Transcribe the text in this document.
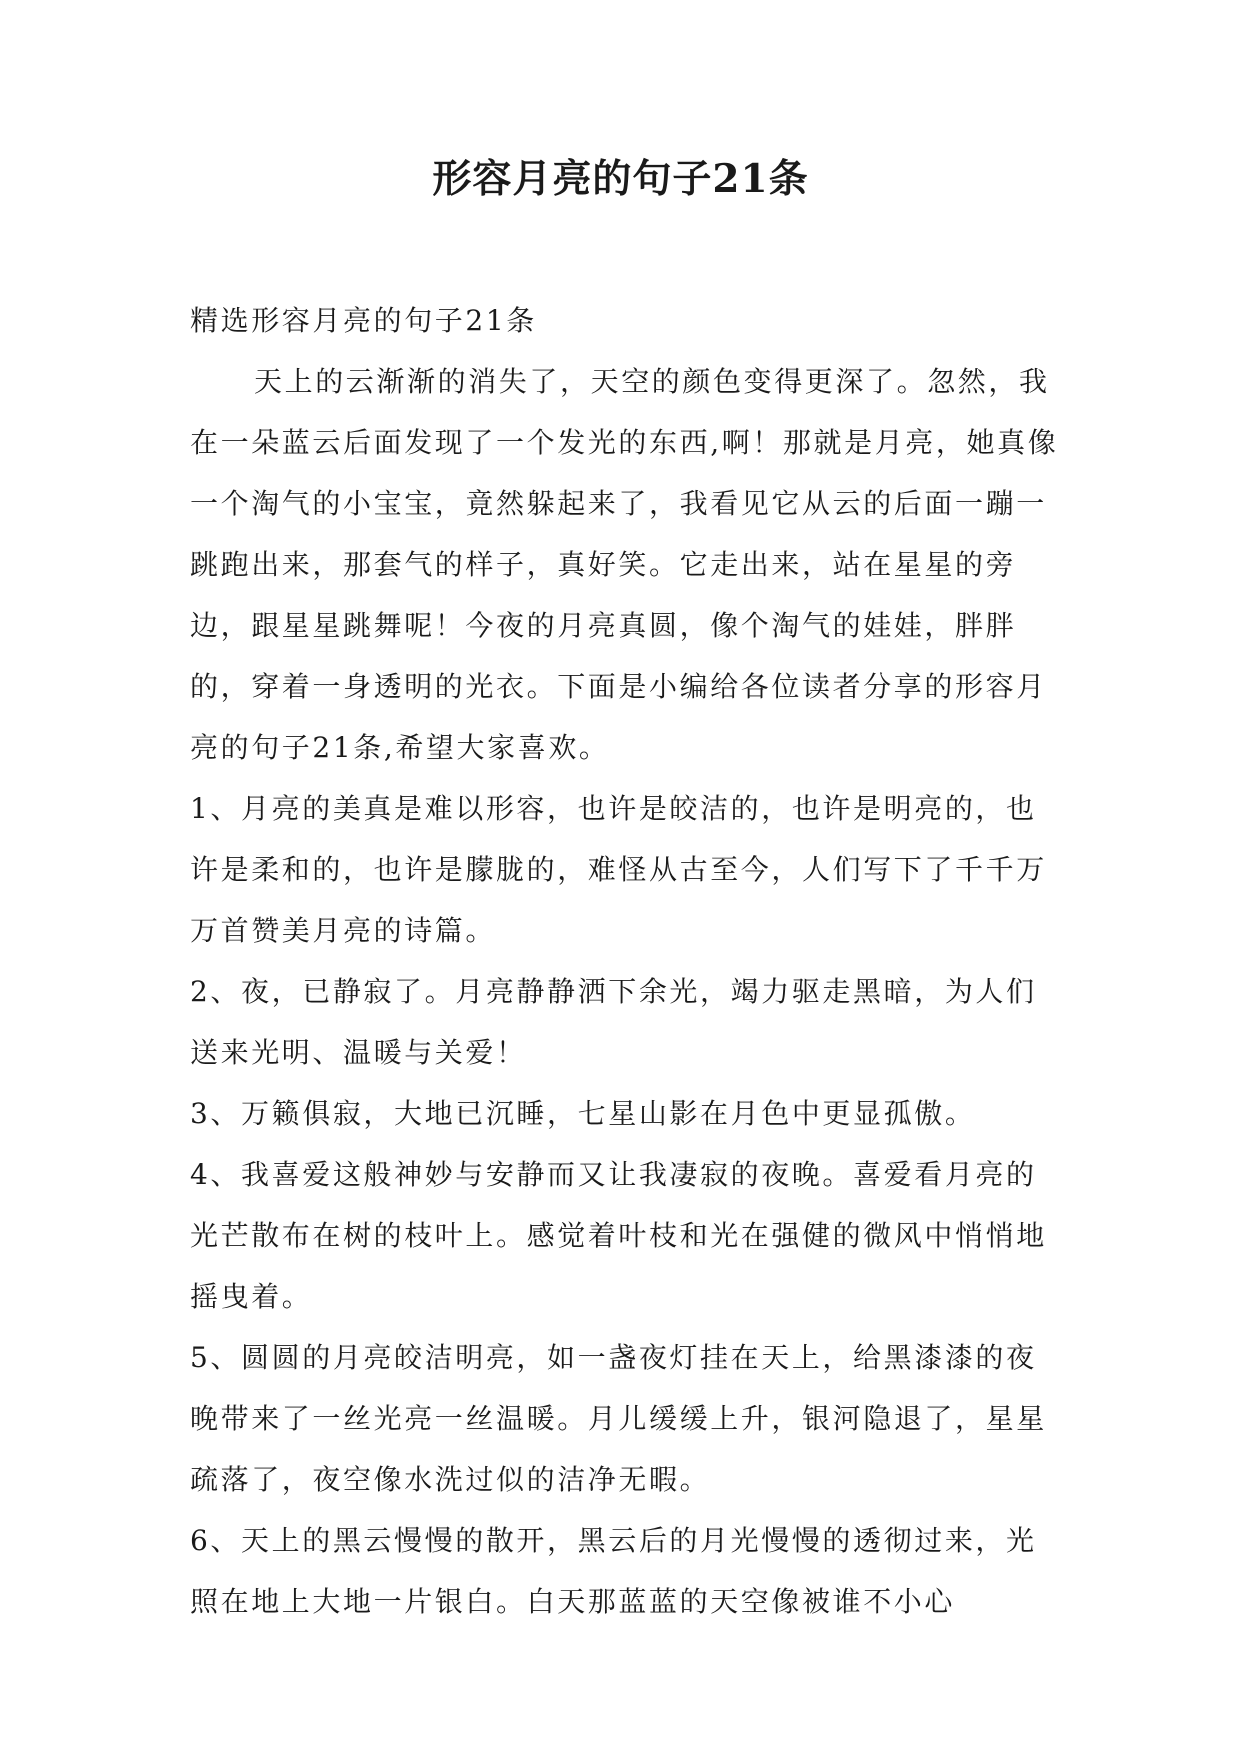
形容月亮的句子21条

精选形容月亮的句子21条

天上的云渐渐的消失了，天空的颜色变得更深了。忽然，我在一朵蓝云后面发现了一个发光的东西,啊！那就是月亮，她真像一个淘气的小宝宝，竟然躲起来了，我看见它从云的后面一蹦一跳跑出来，那套气的样子，真好笑。它走出来，站在星星的旁边，跟星星跳舞呢！今夜的月亮真圆，像个淘气的娃娃，胖胖的，穿着一身透明的光衣。下面是小编给各位读者分享的形容月亮的句子21条,希望大家喜欢。

1、月亮的美真是难以形容，也许是皎洁的，也许是明亮的，也许是柔和的，也许是朦胧的，难怪从古至今，人们写下了千千万万首赞美月亮的诗篇。

2、夜，已静寂了。月亮静静洒下余光，竭力驱走黑暗，为人们送来光明、温暖与关爱！

3、万籁俱寂，大地已沉睡，七星山影在月色中更显孤傲。

4、我喜爱这般神妙与安静而又让我凄寂的夜晚。喜爱看月亮的光芒散布在树的枝叶上。感觉着叶枝和光在强健的微风中悄悄地摇曳着。

5、圆圆的月亮皎洁明亮，如一盏夜灯挂在天上，给黑漆漆的夜晚带来了一丝光亮一丝温暖。月儿缓缓上升，银河隐退了，星星疏落了，夜空像水洗过似的洁净无暇。

6、天上的黑云慢慢的散开，黑云后的月光慢慢的透彻过来，光照在地上大地一片银白。白天那蓝蓝的天空像被谁不小心
